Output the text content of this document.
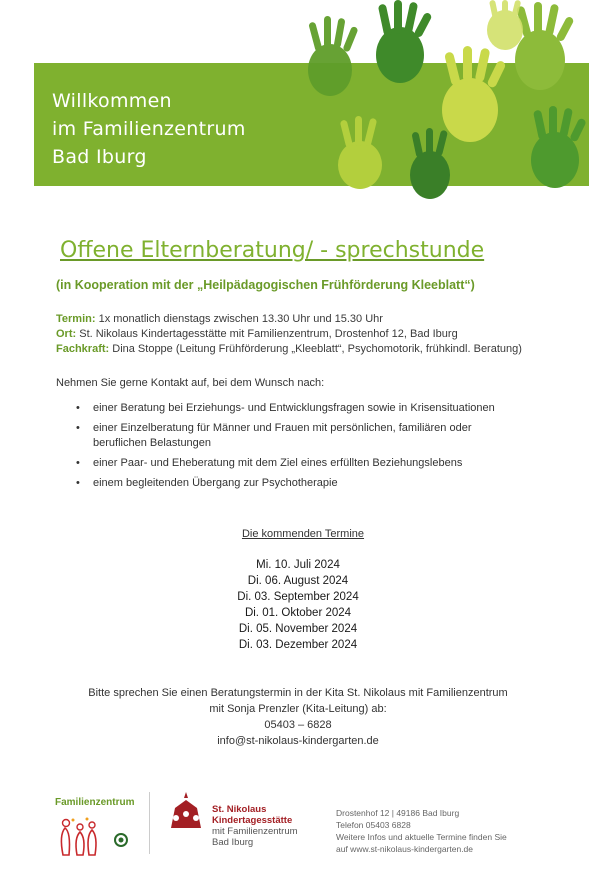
Willkommen
im Familienzentrum
Bad Iburg
Offene Elternberatung/ - sprechstunde
(in Kooperation mit der „Heilpädagogischen Frühförderung Kleeblatt“)
Termin: 1x monatlich dienstags zwischen 13.30 Uhr und 15.30 Uhr
Ort: St. Nikolaus Kindertagesstätte mit Familienzentrum, Drostenhof 12, Bad Iburg
Fachkraft: Dina Stoppe (Leitung Frühförderung „Kleeblatt“, Psychomotorik, frühkindl. Beratung)
Nehmen Sie gerne Kontakt auf, bei dem Wunsch nach:
• einer Beratung bei Erziehungs- und Entwicklungsfragen sowie in Krisensituationen
• einer Einzelberatung für Männer und Frauen mit persönlichen, familiären oder beruflichen Belastungen
• einer Paar- und Eheberatung mit dem Ziel eines erfüllten Beziehungslebens
• einem begleitenden Übergang zur Psychotherapie
Die kommenden Termine
Mi. 10. Juli 2024
Di. 06. August 2024
Di. 03. September 2024
Di. 01. Oktober 2024
Di. 05. November 2024
Di. 03. Dezember 2024
Bitte sprechen Sie einen Beratungstermin in der Kita St. Nikolaus mit Familienzentrum
mit Sonja Prenzler (Kita-Leitung) ab:
05403 – 6828
info@st-nikolaus-kindergarten.de
Familienzentrum
St. Nikolaus
Kindertagesstätte
mit Familienzentrum
Bad Iburg
Drostenhof 12 | 49186 Bad Iburg
Telefon 05403 6828
Weitere Infos und aktuelle Termine finden Sie
auf www.st-nikolaus-kindergarten.de
